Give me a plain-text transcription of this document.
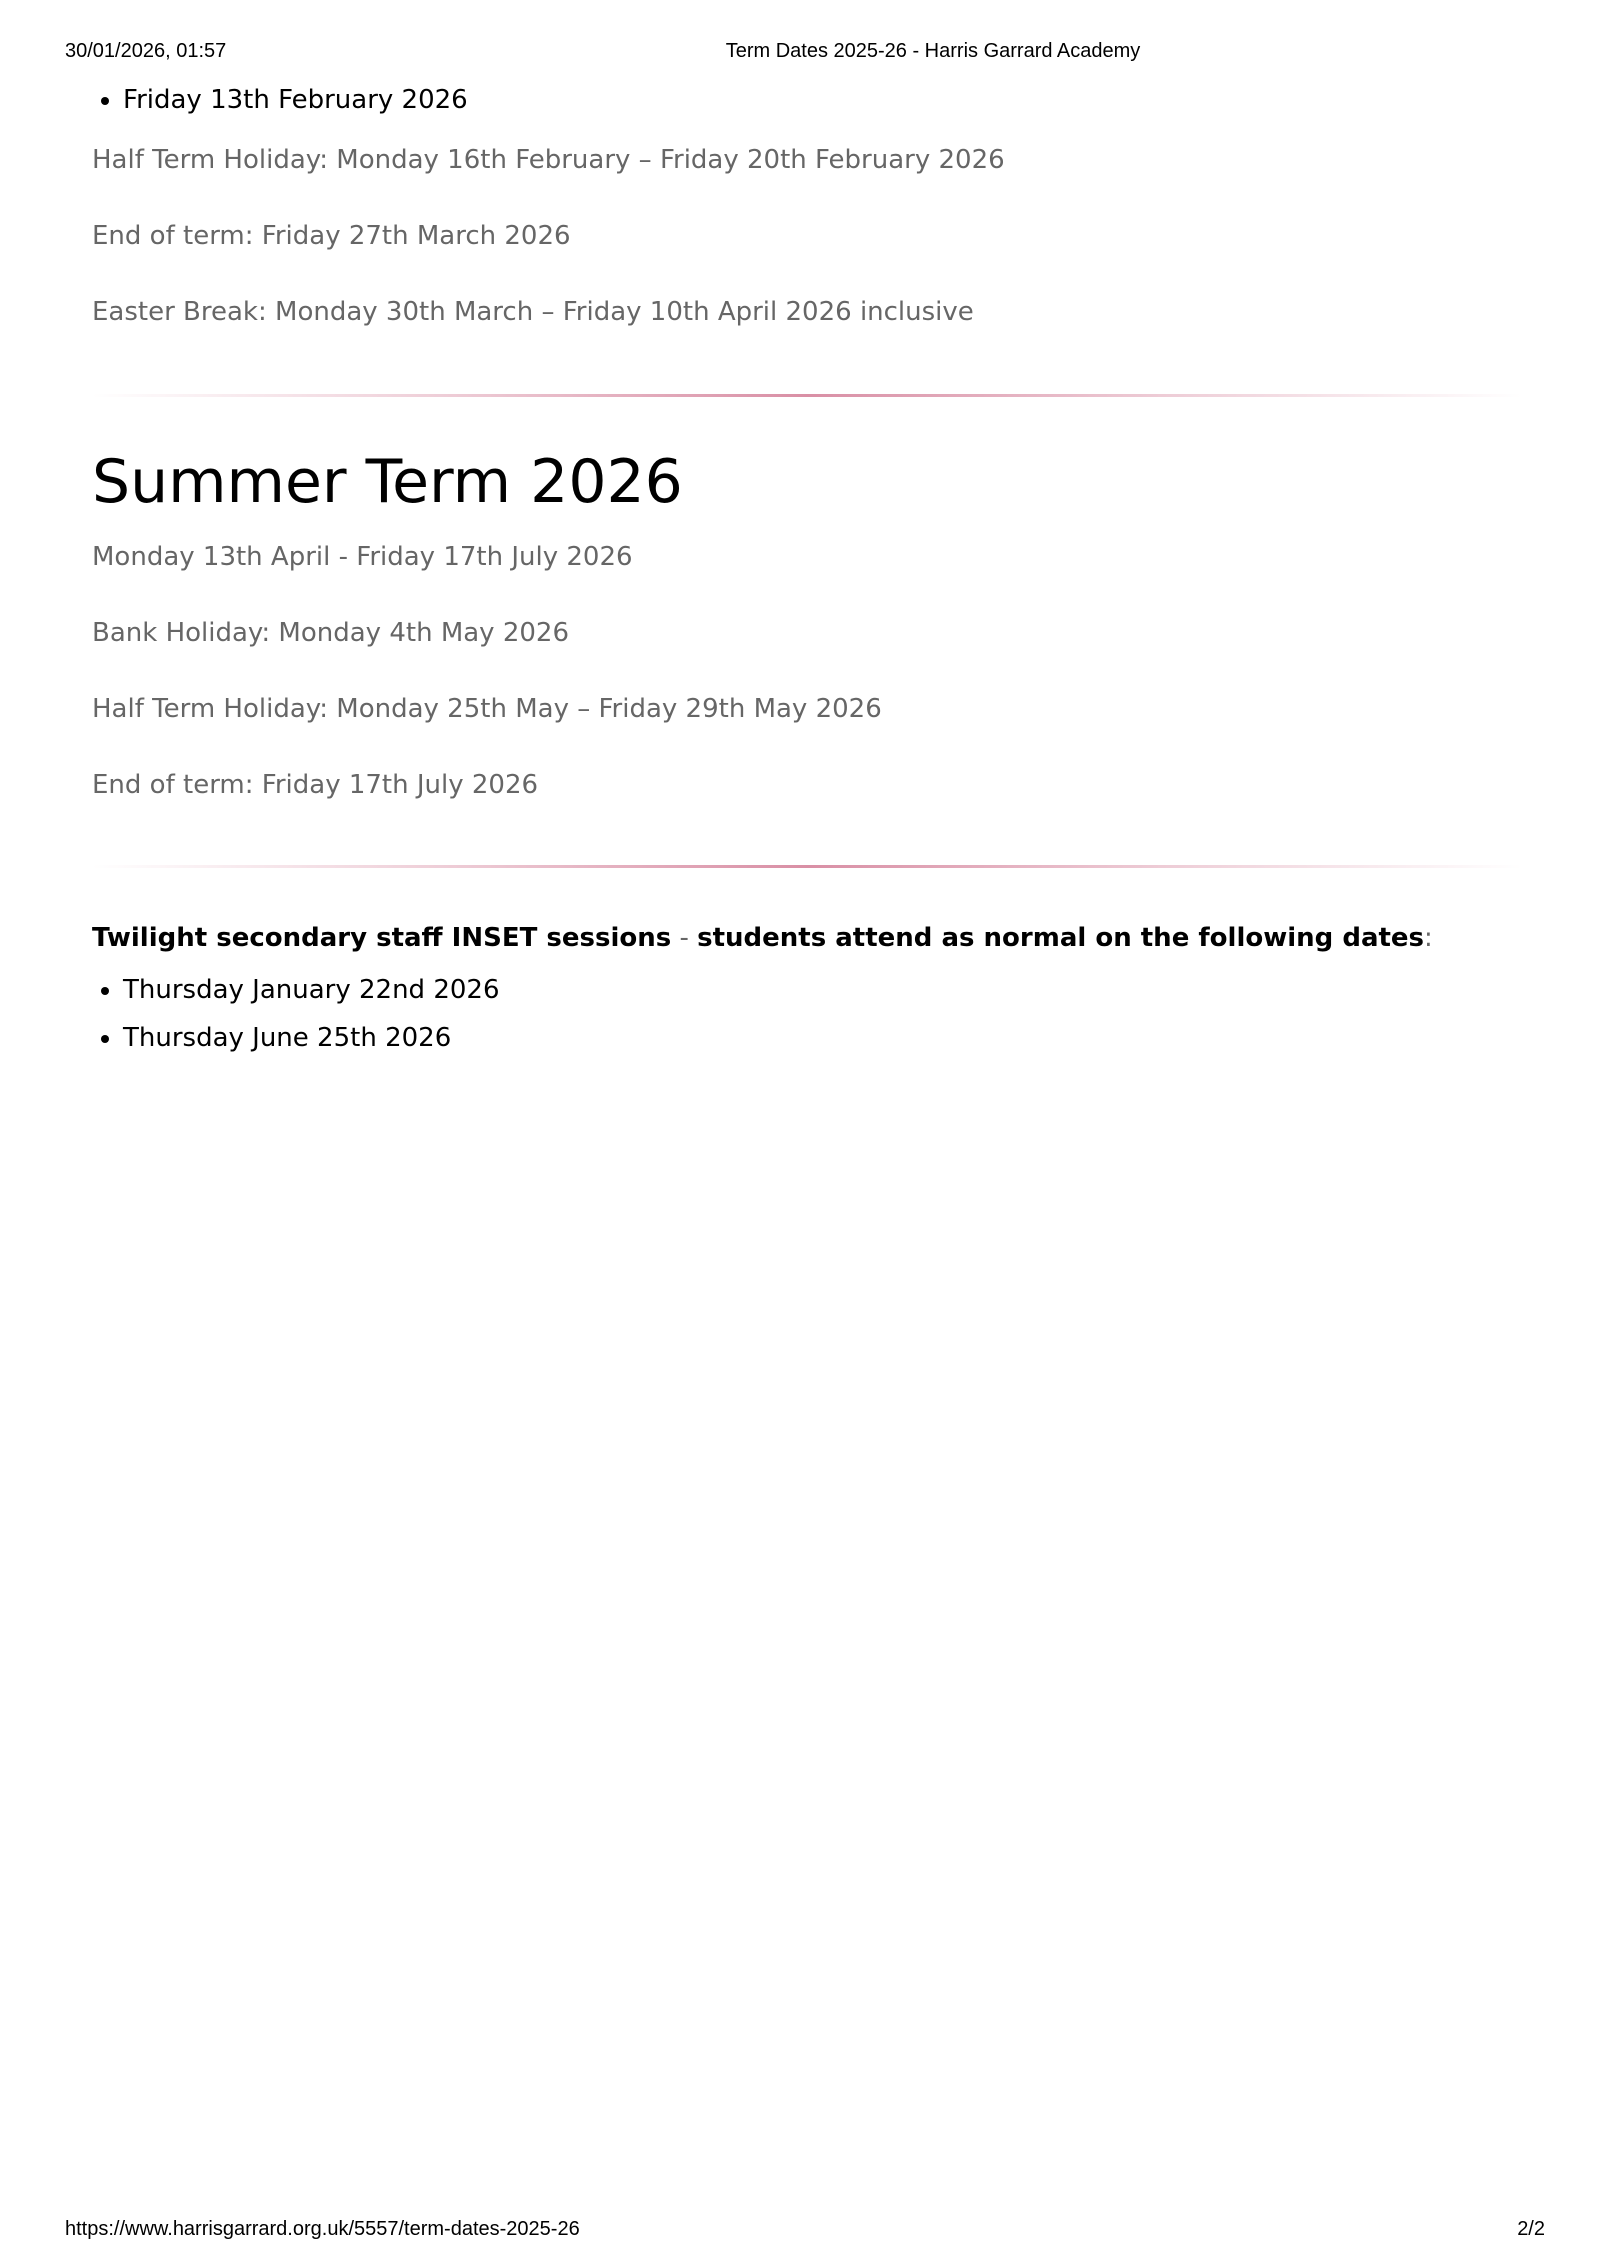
30/01/2026, 01:57	Term Dates 2025-26 - Harris Garrard Academy
• Friday 13th February 2026

Half Term Holiday: Monday 16th February – Friday 20th February 2026

End of term: Friday 27th March 2026

Easter Break: Monday 30th March – Friday 10th April 2026 inclusive

Summer Term 2026

Monday 13th April - Friday 17th July 2026

Bank Holiday: Monday 4th May 2026

Half Term Holiday: Monday 25th May – Friday 29th May 2026

End of term: Friday 17th July 2026

Twilight secondary staff INSET sessions - students attend as normal on the following dates:
• Thursday January 22nd 2026
• Thursday June 25th 2026
https://www.harrisgarrard.org.uk/5557/term-dates-2025-26	2/2
